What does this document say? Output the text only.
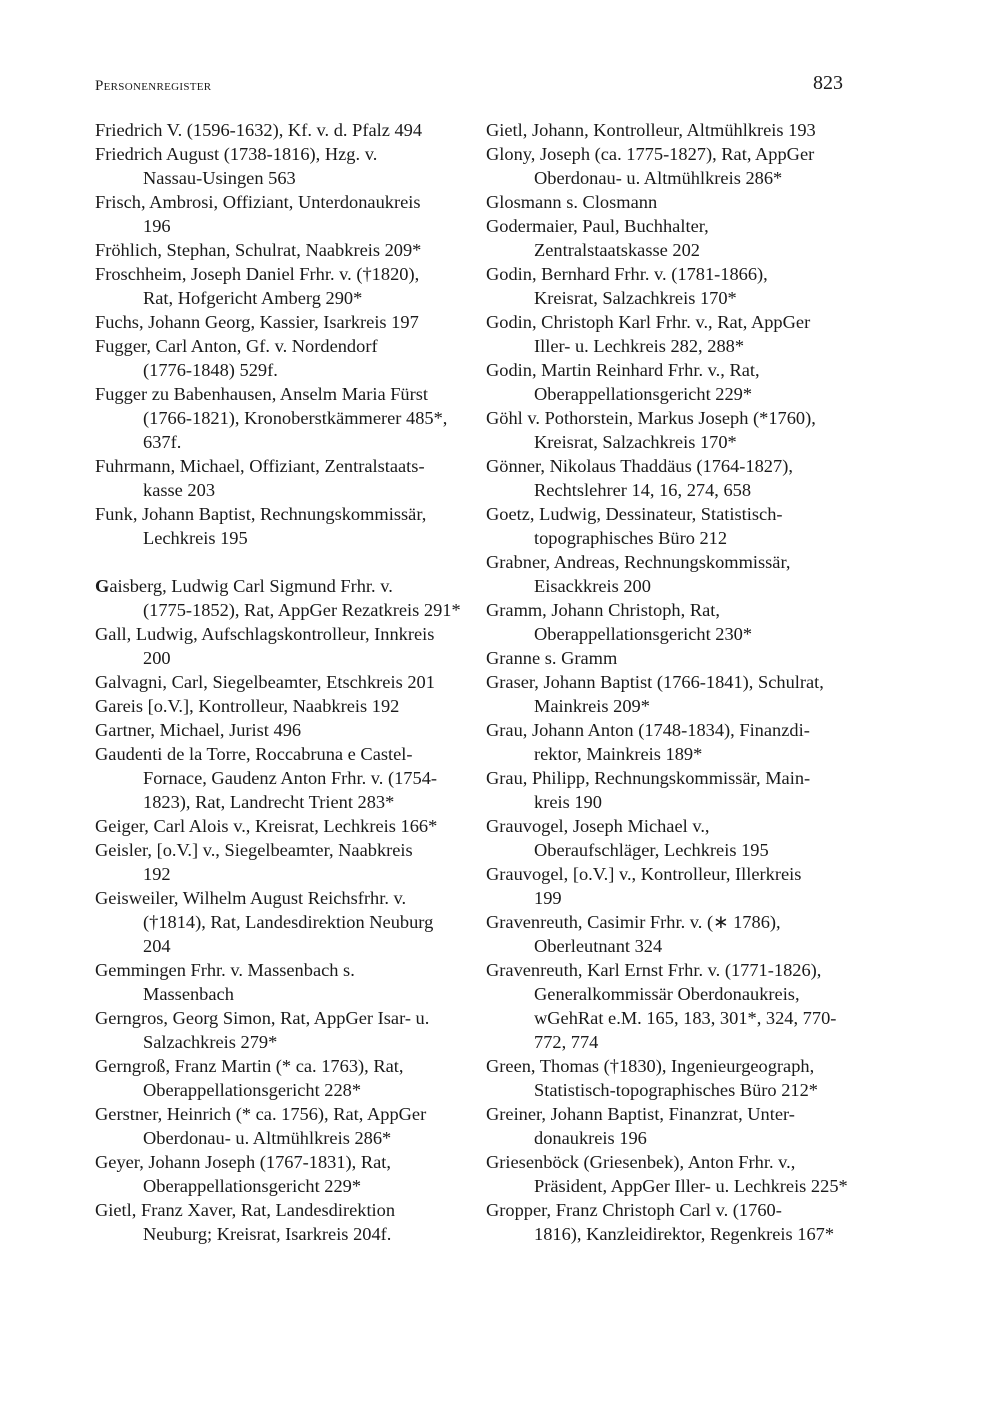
Personenregister	823

Friedrich V. (1596-1632), Kf. v. d. Pfalz 494

Friedrich August (1738-1816), Hzg. v.
Nassau-Usingen 563

Frisch, Ambrosi, Offiziant, Unterdonaukreis
196

Fröhlich, Stephan, Schulrat, Naabkreis 209*

Froschheim, Joseph Daniel Frhr. v. (†1820),
Rat, Hofgericht Amberg 290*

Fuchs, Johann Georg, Kassier, Isarkreis 197

Fugger, Carl Anton, Gf. v. Nordendorf
(1776-1848) 529f.

Fugger zu Babenhausen, Anselm Maria Fürst
(1766-1821), Kronoberstkämmerer 485*,
637f.

Fuhrmann, Michael, Offiziant, Zentralstaats-
kasse 203

Funk, Johann Baptist, Rechnungskommissär,
Lechkreis 195

Gaisberg, Ludwig Carl Sigmund Frhr. v.
(1775-1852), Rat, AppGer Rezatkreis 291*

Gall, Ludwig, Aufschlagskontrolleur, Innkreis
200

Galvagni, Carl, Siegelbeamter, Etschkreis 201

Gareis [o.V.], Kontrolleur, Naabkreis 192

Gartner, Michael, Jurist 496

Gaudenti de la Torre, Roccabruna e Castel-
Fornace, Gaudenz Anton Frhr. v. (1754-
1823), Rat, Landrecht Trient 283*

Geiger, Carl Alois v., Kreisrat, Lechkreis 166*

Geisler, [o.V.] v., Siegelbeamter, Naabkreis
192

Geisweiler, Wilhelm August Reichsfrhr. v.
(†1814), Rat, Landesdirektion Neuburg
204

Gemmingen Frhr. v. Massenbach s.
Massenbach

Gerngros, Georg Simon, Rat, AppGer Isar- u.
Salzachkreis 279*

Gerngroß, Franz Martin (* ca. 1763), Rat,
Oberappellationsgericht 228*

Gerstner, Heinrich (* ca. 1756), Rat, AppGer
Oberdonau- u. Altmühlkreis 286*

Geyer, Johann Joseph (1767-1831), Rat,
Oberappellationsgericht 229*

Gietl, Franz Xaver, Rat, Landesdirektion
Neuburg; Kreisrat, Isarkreis 204f.

Gietl, Johann, Kontrolleur, Altmühlkreis 193

Glony, Joseph (ca. 1775-1827), Rat, AppGer
Oberdonau- u. Altmühlkreis 286*

Glosmann s. Closmann

Godermaier, Paul, Buchhalter,
Zentralstaatskasse 202

Godin, Bernhard Frhr. v. (1781-1866),
Kreisrat, Salzachkreis 170*

Godin, Christoph Karl Frhr. v., Rat, AppGer
Iller- u. Lechkreis 282, 288*

Godin, Martin Reinhard Frhr. v., Rat,
Oberappellationsgericht 229*

Göhl v. Pothorstein, Markus Joseph (*1760),
Kreisrat, Salzachkreis 170*

Gönner, Nikolaus Thaddäus (1764-1827),
Rechtslehrer 14, 16, 274, 658

Goetz, Ludwig, Dessinateur, Statistisch-
topographisches Büro 212

Grabner, Andreas, Rechnungskommissär,
Eisackkreis 200

Gramm, Johann Christoph, Rat,
Oberappellationsgericht 230*

Granne s. Gramm

Graser, Johann Baptist (1766-1841), Schulrat,
Mainkreis 209*

Grau, Johann Anton (1748-1834), Finanzdi-
rektor, Mainkreis 189*

Grau, Philipp, Rechnungskommissär, Main-
kreis 190

Grauvogel, Joseph Michael v.,
Oberaufschläger, Lechkreis 195

Grauvogel, [o.V.] v., Kontrolleur, Illerkreis
199

Gravenreuth, Casimir Frhr. v. (∗ 1786),
Oberleutnant 324

Gravenreuth, Karl Ernst Frhr. v. (1771-1826),
Generalkommissär Oberdonaukreis,
wGehRat e.M. 165, 183, 301*, 324, 770-
772, 774

Green, Thomas (†1830), Ingenieurgeograph,
Statistisch-topographisches Büro 212*

Greiner, Johann Baptist, Finanzrat, Unter-
donaukreis 196

Griesenböck (Griesenbek), Anton Frhr. v.,
Präsident, AppGer Iller- u. Lechkreis 225*

Gropper, Franz Christoph Carl v. (1760-
1816), Kanzleidirektor, Regenkreis 167*
